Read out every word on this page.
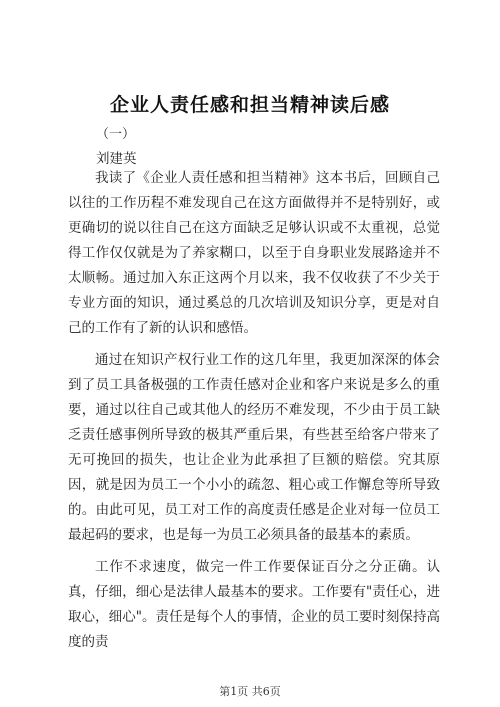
企业人责任感和担当精神读后感
（一）
刘建英

我读了《企业人责任感和担当精神》这本书后，回顾自己以往的工作历程不难发现自己在这方面做得并不是特别好，或更确切的说以往自己在这方面缺乏足够认识或不太重视，总觉得工作仅仅就是为了养家糊口，以至于自身职业发展路途并不太顺畅。通过加入东正这两个月以来，我不仅收获了不少关于专业方面的知识，通过奚总的几次培训及知识分享，更是对自己的工作有了新的认识和感悟。

通过在知识产权行业工作的这几年里，我更加深深的体会到了员工具备极强的工作责任感对企业和客户来说是多么的重要，通过以往自己或其他人的经历不难发现，不少由于员工缺乏责任感事例所导致的极其严重后果，有些甚至给客户带来了无可挽回的损失，也让企业为此承担了巨额的赔偿。究其原因，就是因为员工一个小小的疏忽、粗心或工作懈怠等所导致的。由此可见，员工对工作的高度责任感是企业对每一位员工最起码的要求，也是每一为员工必须具备的最基本的素质。

工作不求速度，做完一件工作要保证百分之分正确。认真，仔细，细心是法律人最基本的要求。工作要有"责任心，进取心，细心"。责任是每个人的事情，企业的员工要时刻保持高度的责

第1页 共6页
